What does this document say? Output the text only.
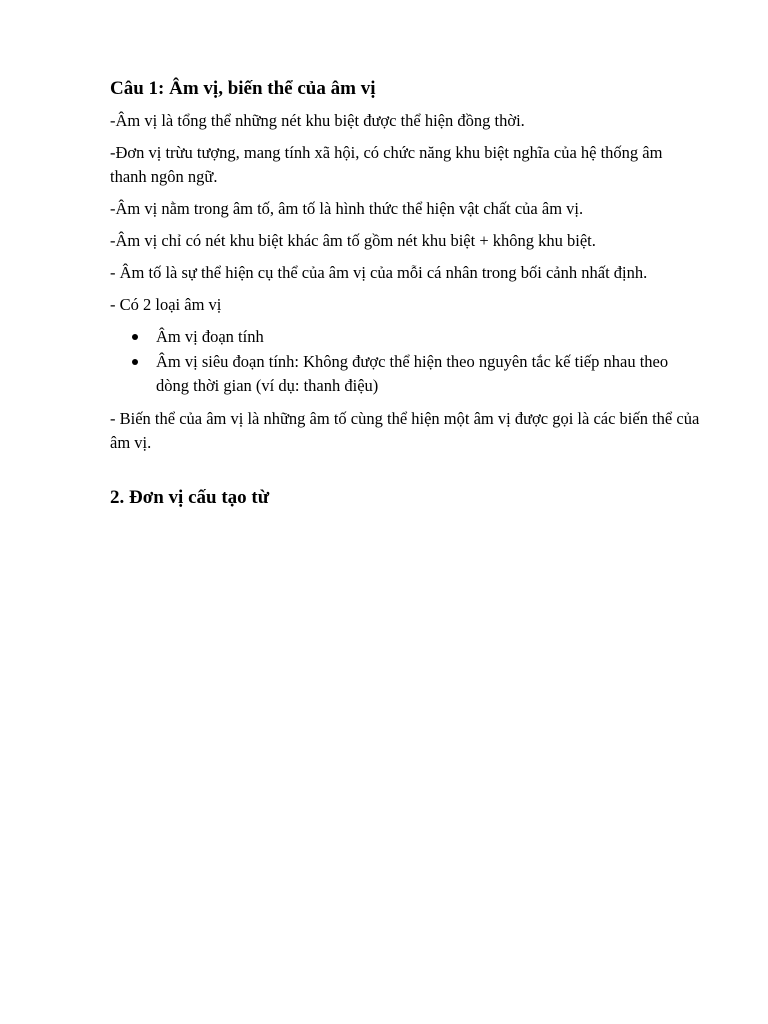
Câu 1: Âm vị, biến thể của âm vị

-Âm vị là tổng thể những nét khu biệt được thể hiện đồng thời.

-Đơn vị trừu tượng, mang tính xã hội, có chức năng khu biệt nghĩa của hệ thống âm thanh ngôn ngữ.

-Âm vị nằm trong âm tố, âm tố là hình thức thể hiện vật chất của âm vị.

-Âm vị chỉ có nét khu biệt khác âm tố gồm nét khu biệt + không khu biệt.

- Âm tố là sự thể hiện cụ thể của âm vị của mỗi cá nhân trong bối cảnh nhất định.

- Có 2 loại âm vị

Âm vị đoạn tính
Âm vị siêu đoạn tính: Không được thể hiện theo nguyên tắc kế tiếp nhau theo dòng thời gian (ví dụ: thanh điệu)

- Biến thể của âm vị là những âm tố cùng thể hiện một âm vị được gọi là các biến thể của âm vị.

2. Đơn vị cấu tạo từ
